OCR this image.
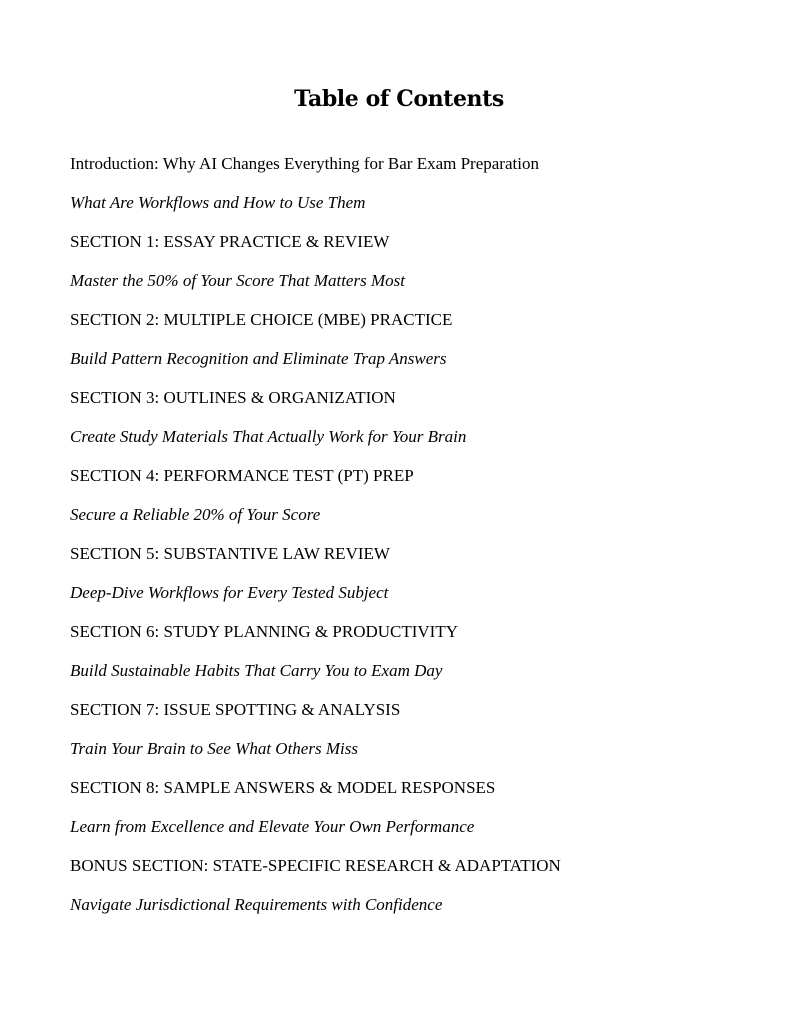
Table of Contents
Introduction: Why AI Changes Everything for Bar Exam Preparation
What Are Workflows and How to Use Them
SECTION 1: ESSAY PRACTICE & REVIEW
Master the 50% of Your Score That Matters Most
SECTION 2: MULTIPLE CHOICE (MBE) PRACTICE
Build Pattern Recognition and Eliminate Trap Answers
SECTION 3: OUTLINES & ORGANIZATION
Create Study Materials That Actually Work for Your Brain
SECTION 4: PERFORMANCE TEST (PT) PREP
Secure a Reliable 20% of Your Score
SECTION 5: SUBSTANTIVE LAW REVIEW
Deep-Dive Workflows for Every Tested Subject
SECTION 6: STUDY PLANNING & PRODUCTIVITY
Build Sustainable Habits That Carry You to Exam Day
SECTION 7: ISSUE SPOTTING & ANALYSIS
Train Your Brain to See What Others Miss
SECTION 8: SAMPLE ANSWERS & MODEL RESPONSES
Learn from Excellence and Elevate Your Own Performance
BONUS SECTION: STATE-SPECIFIC RESEARCH & ADAPTATION
Navigate Jurisdictional Requirements with Confidence
